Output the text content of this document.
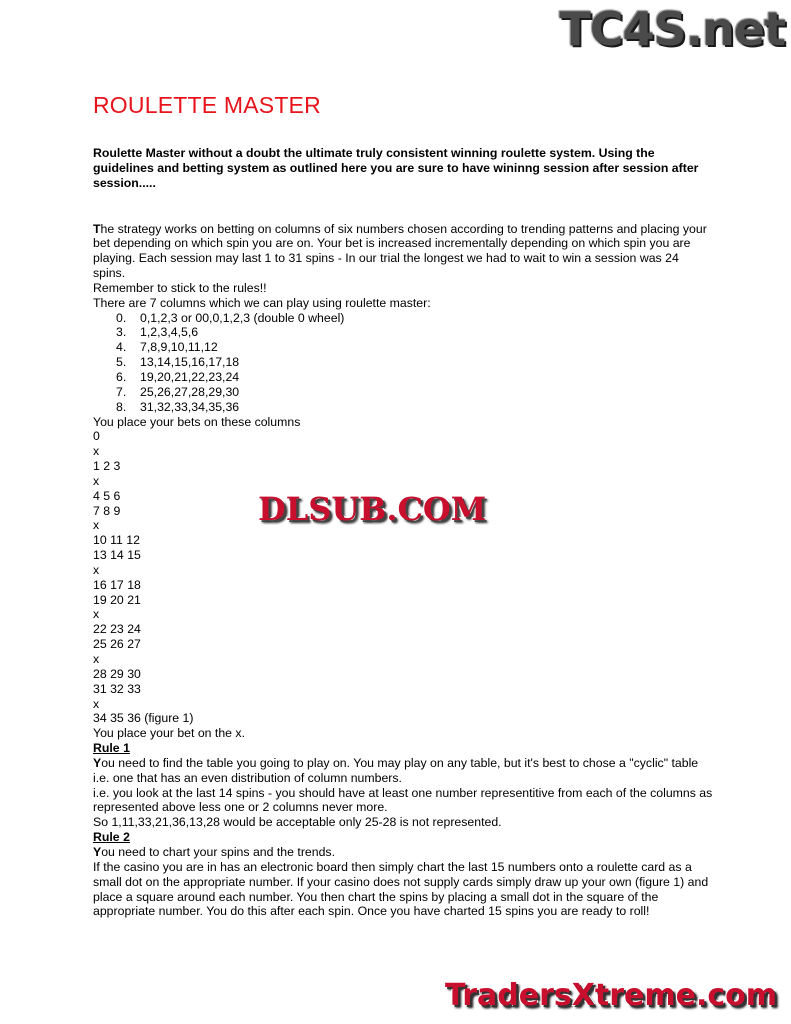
TC4S.net
DLSUB.COM
TradersXtreme.com
ROULETTE MASTER

Roulette Master without a doubt the ultimate truly consistent winning roulette system. Using the guidelines and betting system as outlined here you are sure to have wininng session after session after session.....

The strategy works on betting on columns of six numbers chosen according to trending patterns and placing your bet depending on which spin you are on. Your bet is increased incrementally depending on which spin you are playing. Each session may last 1 to 31 spins - In our trial the longest we had to wait to win a session was 24 spins.

Remember to stick to the rules!!

There are 7 columns which we can play using roulette master:

0.	0,1,2,3 or 00,0,1,2,3 (double 0 wheel)
3.	1,2,3,4,5,6
4.	7,8,9,10,11,12
5.	13,14,15,16,17,18
6.	19,20,21,22,23,24
7.	25,26,27,28,29,30
8.	31,32,33,34,35,36

You place your bets on these columns

0
x
1 2 3
x
4 5 6
7 8 9
x
10 11 12
13 14 15
x
16 17 18
19 20 21
x
22 23 24
25 26 27
x
28 29 30
31 32 33
x
34 35 36 (figure 1)

You place your bet on the x.

Rule 1

You need to find the table you going to play on. You may play on any table, but it's best to chose a "cyclic" table i.e. one that has an even distribution of column numbers.

i.e. you look at the last 14 spins - you should have at least one number representitive from each of the columns as represented above less one or 2 columns never more.

So 1,11,33,21,36,13,28 would be acceptable only 25-28 is not represented.

Rule 2

You need to chart your spins and the trends.

If the casino you are in has an electronic board then simply chart the last 15 numbers onto a roulette card as a small dot on the appropriate number. If your casino does not supply cards simply draw up your own (figure 1) and place a square around each number. You then chart the spins by placing a small dot in the square of the appropriate number. You do this after each spin. Once you have charted 15 spins you are ready to roll!
